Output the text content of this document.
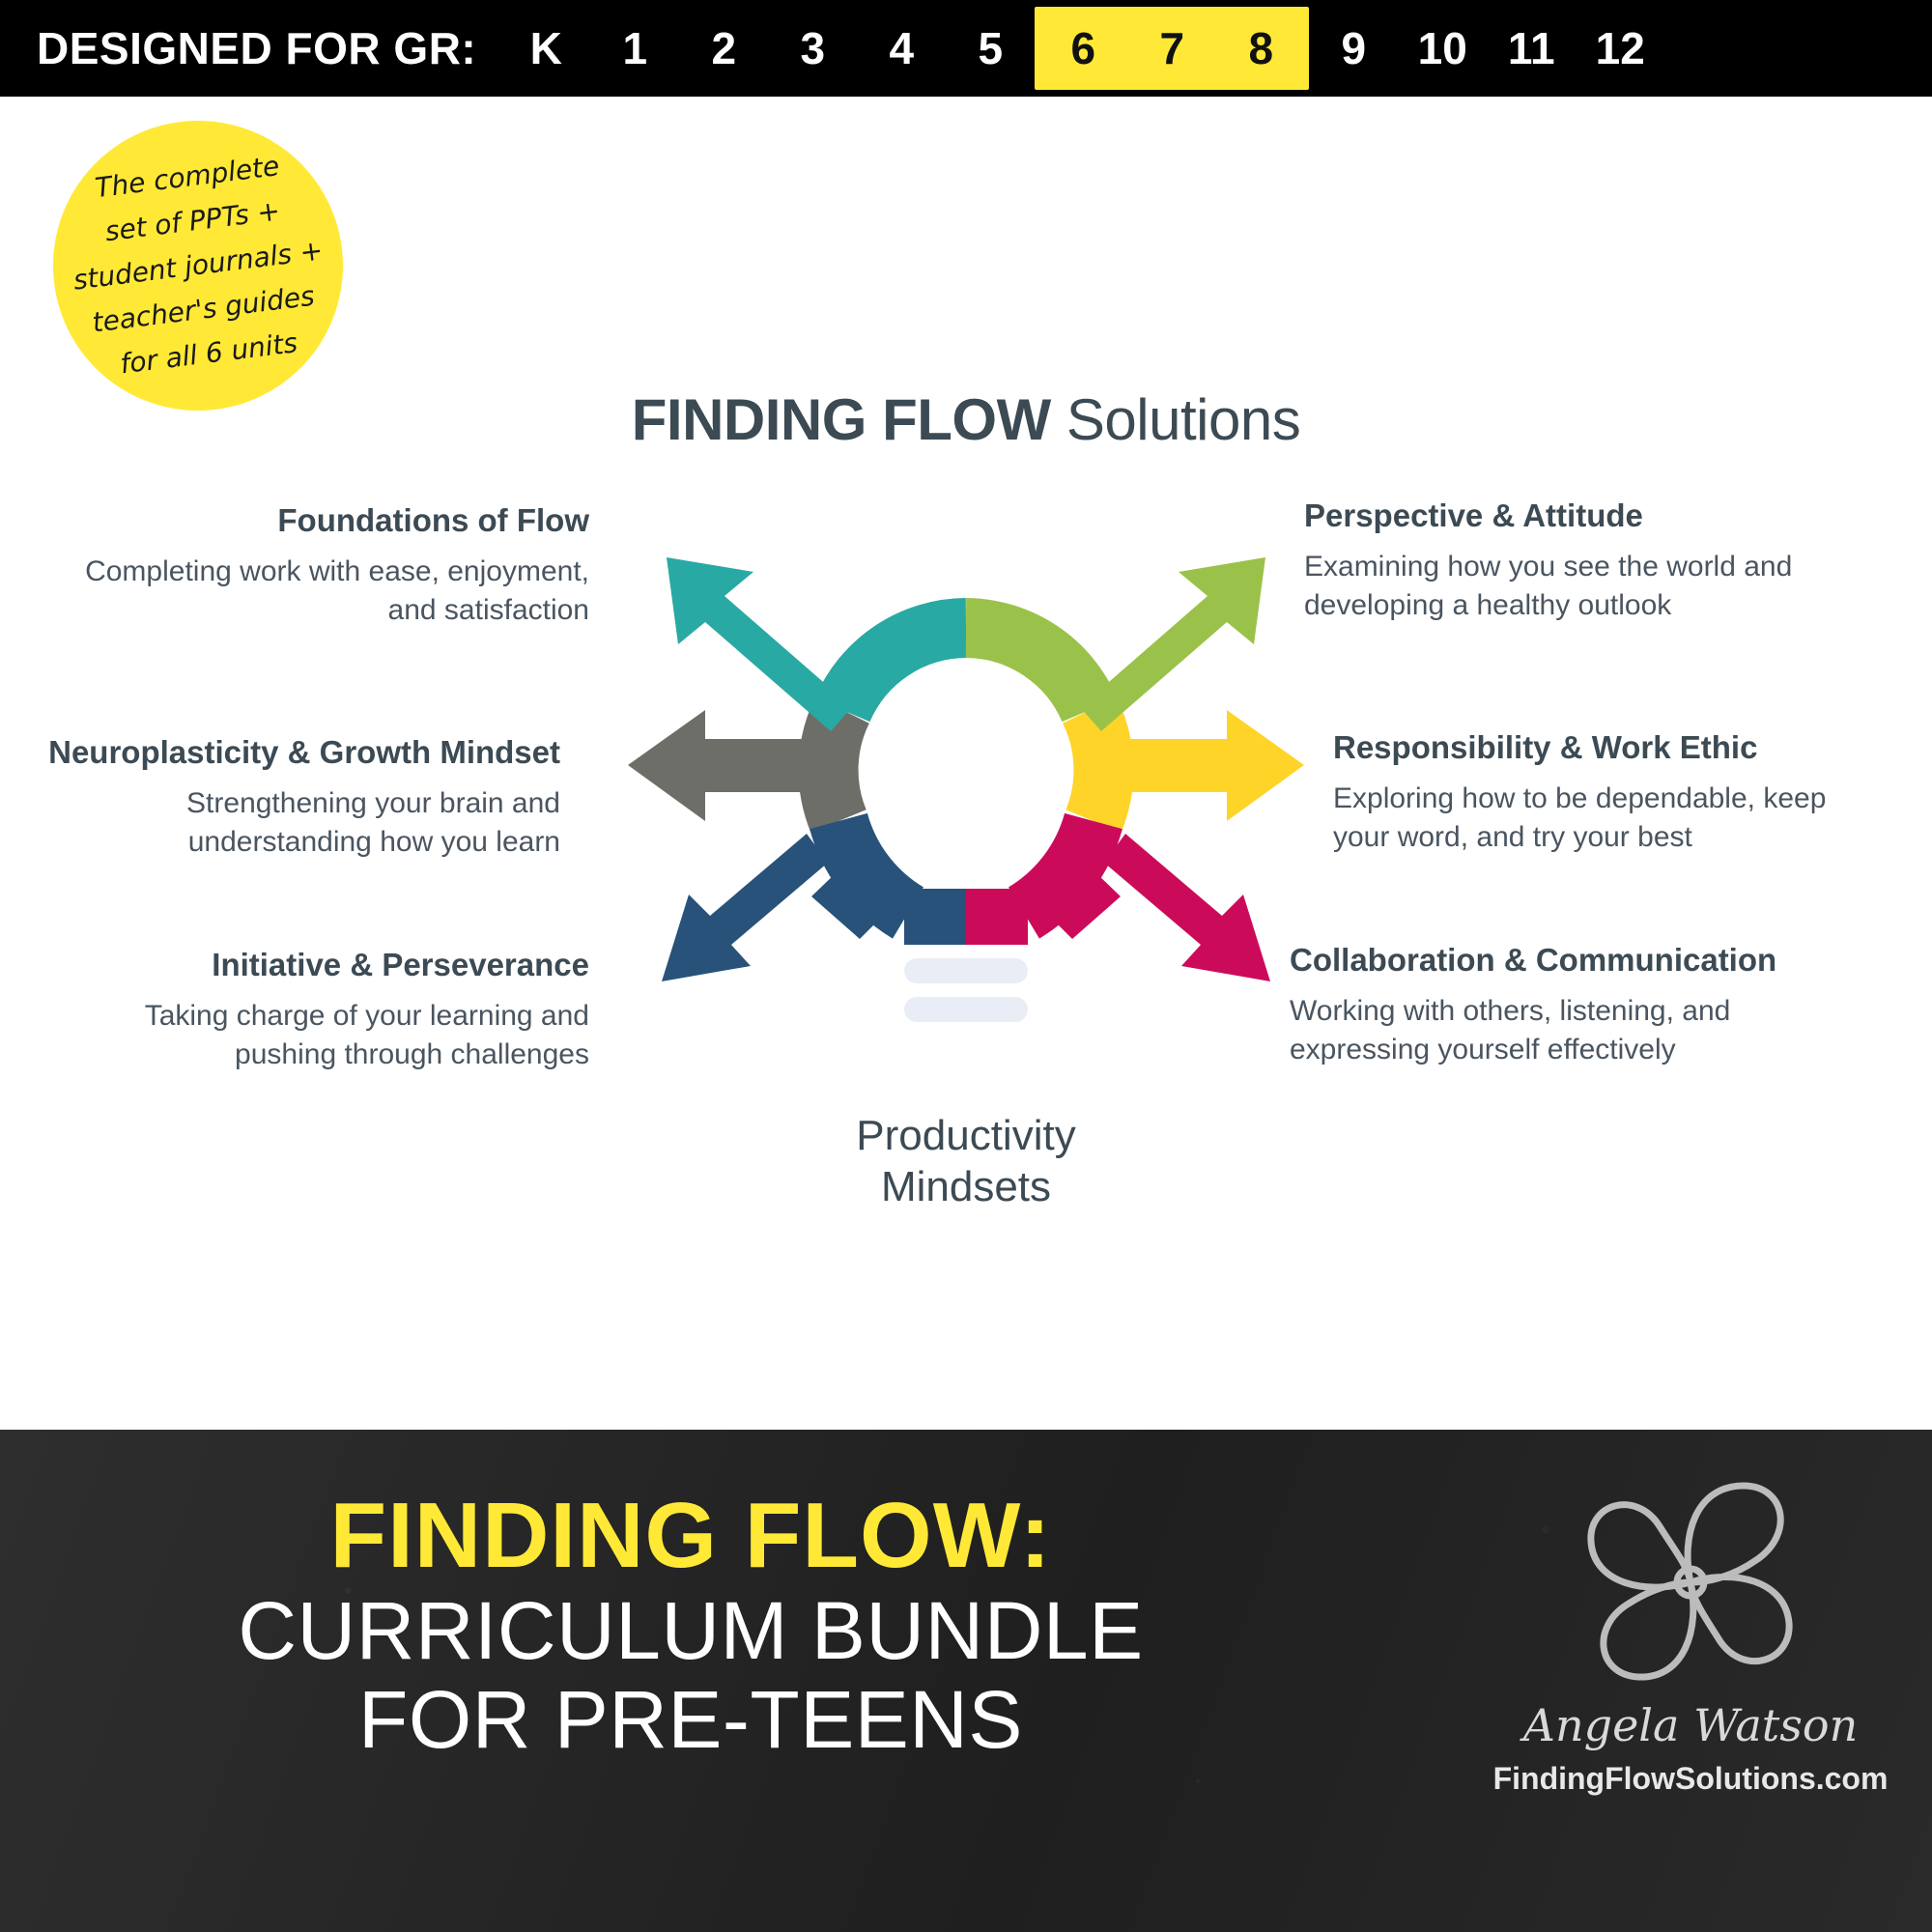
DESIGNED FOR GR:	K	1	2	3	4	5	6	7	8	9	10 11 12
The complete
set of PPTs +
student journals +
teacher's guides
for all 6 units
FINDING FLOW Solutions
Foundations of Flow

Completing work with ease, enjoyment, and satisfaction

Neuroplasticity & Growth Mindset

Strengthening your brain and understanding how you learn

Initiative & Perseverance

Taking charge of your learning and pushing through challenges

Perspective & Attitude

Examining how you see the world and developing a healthy outlook

Responsibility & Work Ethic

Exploring how to be dependable, keep your word, and try your best

Collaboration & Communication

Working with others, listening, and expressing yourself effectively

Productivity
Mindsets
FINDING FLOW:
CURRICULUM BUNDLE
FOR PRE-TEENS	Angela Watson
FindingFlowSolutions.com
